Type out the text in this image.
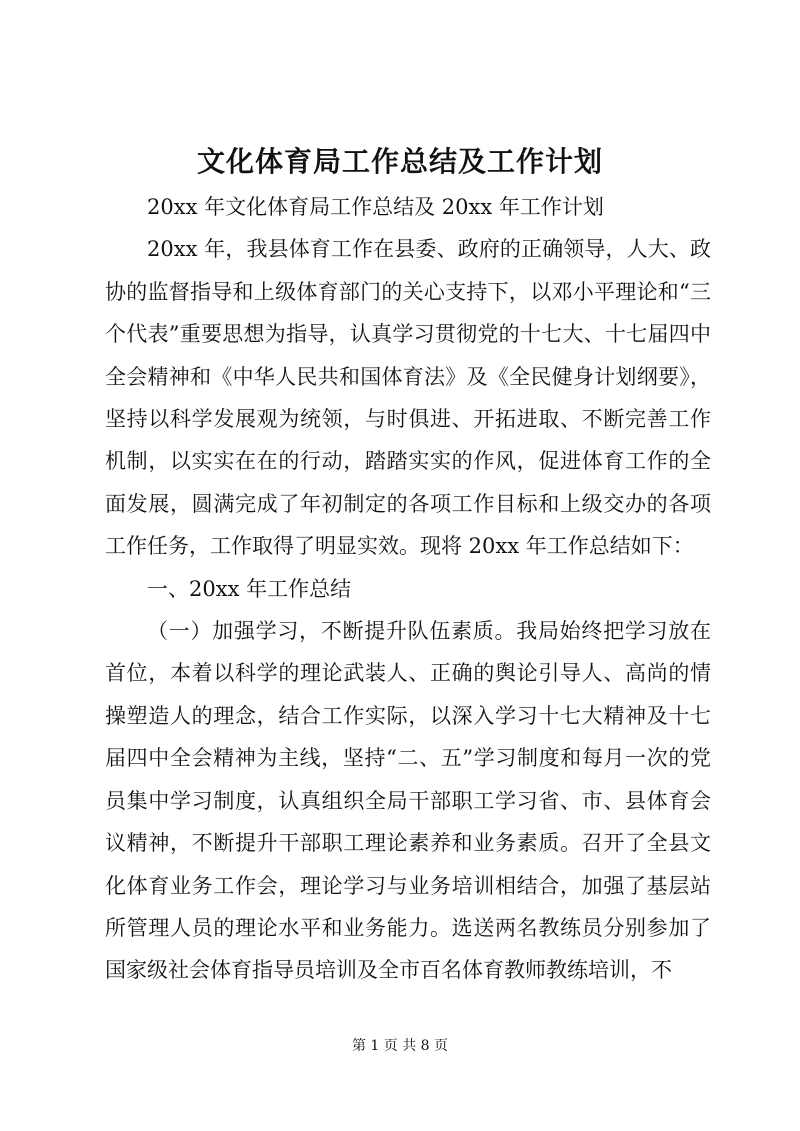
文化体育局工作总结及工作计划

20xx 年文化体育局工作总结及 20xx 年工作计划

20xx 年，我县体育工作在县委、政府的正确领导，人大、政协的监督指导和上级体育部门的关心支持下，以邓小平理论和“三个代表”重要思想为指导，认真学习贯彻党的十七大、十七届四中全会精神和《中华人民共和国体育法》及《全民健身计划纲要》，坚持以科学发展观为统领，与时俱进、开拓进取、不断完善工作机制，以实实在在的行动，踏踏实实的作风，促进体育工作的全面发展，圆满完成了年初制定的各项工作目标和上级交办的各项工作任务，工作取得了明显实效。现将 20xx 年工作总结如下：

一、20xx 年工作总结

（一）加强学习，不断提升队伍素质。我局始终把学习放在首位，本着以科学的理论武装人、正确的舆论引导人、高尚的情操塑造人的理念，结合工作实际，以深入学习十七大精神及十七届四中全会精神为主线，坚持“二、五”学习制度和每月一次的党员集中学习制度，认真组织全局干部职工学习省、市、县体育会议精神，不断提升干部职工理论素养和业务素质。召开了全县文化体育业务工作会，理论学习与业务培训相结合，加强了基层站所管理人员的理论水平和业务能力。选送两名教练员分别参加了国家级社会体育指导员培训及全市百名体育教师教练培训，不

第 1 页 共 8 页
